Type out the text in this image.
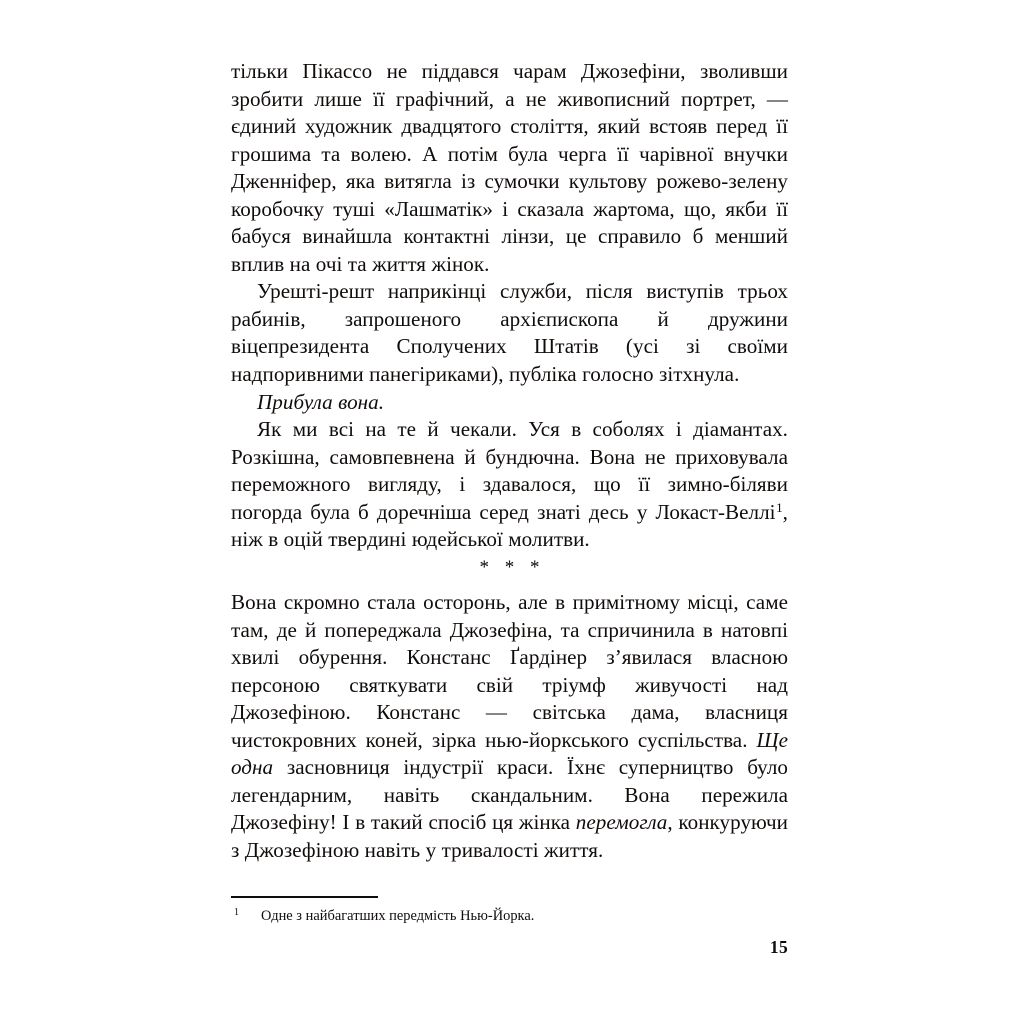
тільки Пікассо не піддався чарам Джозефіни, зволивши зробити лише її графічний, а не живописний портрет, — єдиний художник двадцятого століття, який встояв перед її грошима та волею. А потім була черга її чарівної внучки Дженніфер, яка витягла із сумочки культову рожево-зелену коробочку туші «Лашматік» і сказала жартома, що, якби її бабуся винайшла контактні лінзи, це справило б менший вплив на очі та життя жінок.

Урешті-решт наприкінці служби, після виступів трьох рабинів, запрошеного архієпископа й дружини віцепрезидента Сполучених Штатів (усі зі своїми надпоривними панегіриками), публіка голосно зітхнула.

Прибула вона.

Як ми всі на те й чекали. Уся в соболях і діамантах. Розкішна, самовпевнена й бундючна. Вона не приховувала переможного вигляду, і здавалося, що її зимно-біляви погорда була б доречніша серед знаті десь у Локаст-Веллі$^1$, ніж в оцій твердині юдейської молитви.

* * *

Вона скромно стала осторонь, але в примітному місці, саме там, де й попереджала Джозефіна, та спричинила в натовпі хвилі обурення. Констанс Ґардінер з’явилася власною персоною святкувати свій тріумф живучості над Джозефіною. Констанс — світська дама, власниця чистокровних коней, зірка нью-йоркського суспільства. Ще одна засновниця індустрії краси. Їхнє суперництво було легендарним, навіть скандальним. Вона пережила Джозефіну! І в такий спосіб ця жінка перемогла, конкуруючи з Джозефіною навіть у тривалості життя.

1 Одне з найбагатших передмість Нью-Йорка.
15
